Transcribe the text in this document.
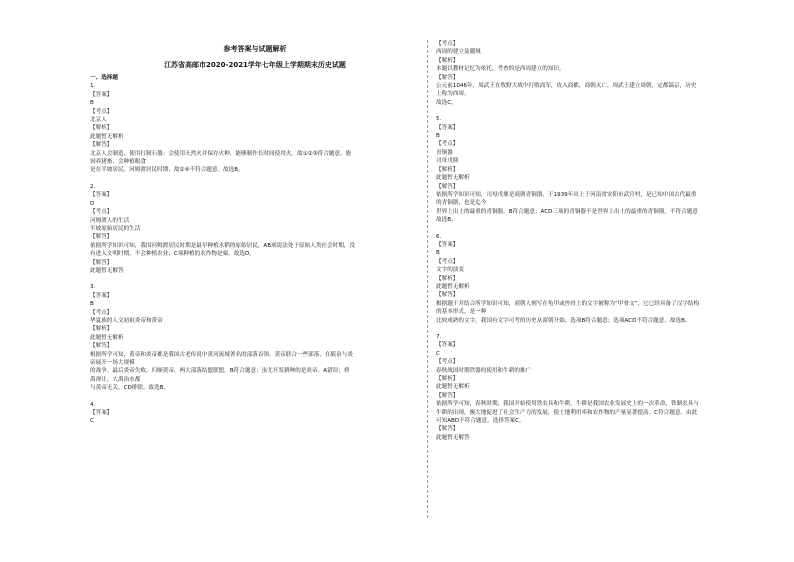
参考答案与试题解析
江苏省高邮市2020-2021学年七年级上学期期末历史试题
一、选择题
1.
【答案】
B
【考点】
北京人
【解析】
此题暂无解析
【解答】
北京人会制造、使用打制石器；会使用天然火并保存火种，能够制作长时间使用火。故①②③符合题意，能
饲养猪畜、会种植粮食
是在半坡居民、河姆渡居民时期，故②④不符合题意。故选B。
2.
【答案】
D
【考点】
河姆渡人的生活
半坡原始居民的生活
【解答】
依据所学知识可知，我国河姆渡居民时期是最早种植水稻的原始居民，AB项说法处于原始人类社会时期，没
有进入文明时期，不会种植农业；C项种植的农作物是粟。故选D。
【解答】
此题暂无解答
3.
【答案】
B
【考点】
华夏族的人文初祖炎帝和黄帝
【解析】
此题暂无解析
【解答】
根据所学可知，黄帝和炎帝都是我国古老传说中黄河流域著名的部落首领。黄帝联合一些部落，在阪泉与炎
帝展开一场大规模
的战争。最后炎帝失败，归顺黄帝，两大部落结盟联盟。B符合题意；蚩尤开发耕种的是炎帝。A错误；舜
禹禅让。大禹治水都
与黄帝无关。CD排除。故选B。
4.
【答案】
C
【考点】
西周的建立及疆域
【解析】
本题以教材记忆为依托，考查的是西周建立的知识。
【解答】
公元前1046年，周武王在牧野大战中打败商军，攻入商都，商朝灭亡。周武王建立周朝，定都镐京，历史
上称为西周。
故选C。
5.
【答案】
B
【考点】
青铜器
司母戊鼎
【解析】
此题暂无解析
【解答】
依据所学知识可知，司母戊鼎是商朝青铜器，于1939年出土于河南省安阳市武官村，是已知中国古代最重
的青铜器，也是迄今
世界上出土的最重的青铜器。B符合题意；ACD三项的青铜器不是世界上出土的最重的青铜器，不符合题意
故选B。
6.
【答案】
B
【考点】
文字的演变
【解析】
此题暂无解析
【解答】
根据题干并结合所学知识可知，商朝人刻写在龟甲或兽骨上的文字被称为“甲骨文”，它已经具备了汉字结构
的基本形式，是一种
比较成熟的文字。我国有文字可考的历史从商朝开始，选项B符合题意；选项ACD不符合题意。故选B。
7.
【答案】
C
【考点】
春秋战国时期铁器的使用和牛耕的推广
【解析】
此题暂无解析
【解答】
依据所学可知，春秋时期，我国开始使用铁农具和牛耕。牛耕是我国农业发展史上的一次革命，铁制农具与
牛耕的出现，极大地促进了社会生产力的发展，使土地利用率和农作物的产量显著提高。C符合题意。由此
可知ABD不符合题意，选择答案C。
【解答】
此题暂无解答
